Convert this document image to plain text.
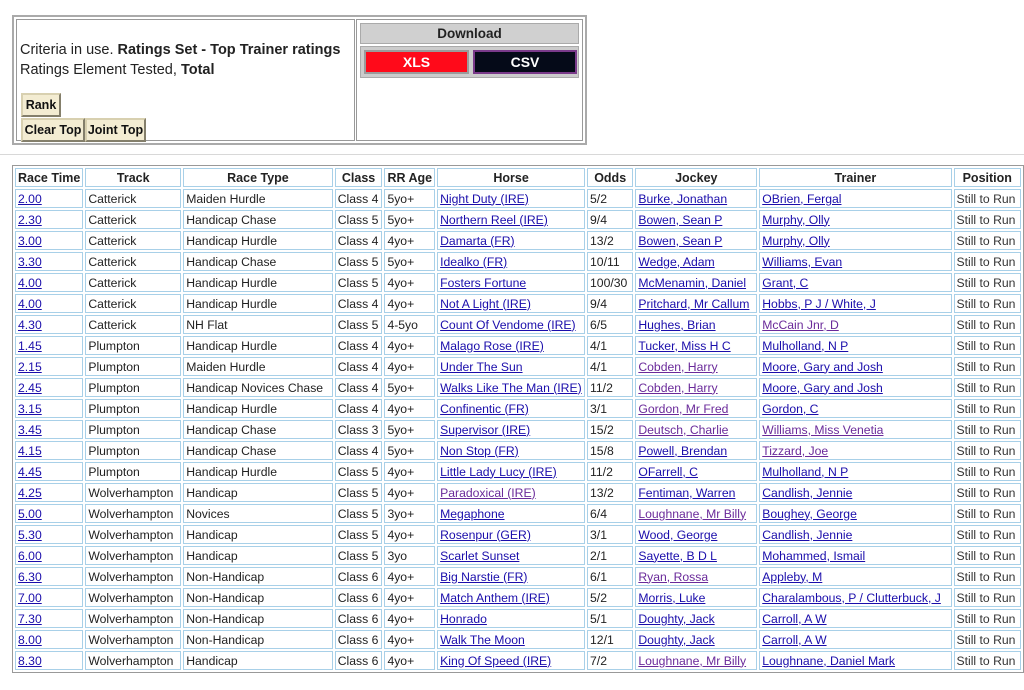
Criteria in use. Ratings Set - Top Trainer ratings
Ratings Element Tested, Total
Rank
Clear Top Joint Top
Download
XLS	CSV
Race Time	Track	Race Type	Class	RR Age	Horse	Odds	Jockey	Trainer	Position
2.00	Catterick	Maiden Hurdle	Class 4	5yo+	Night Duty (IRE)	5/2	Burke, Jonathan	OBrien, Fergal	Still to Run
2.30	Catterick	Handicap Chase	Class 5	5yo+	Northern Reel (IRE)	9/4	Bowen, Sean P	Murphy, Olly	Still to Run
3.00	Catterick	Handicap Hurdle	Class 4	4yo+	Damarta (FR)	13/2	Bowen, Sean P	Murphy, Olly	Still to Run
3.30	Catterick	Handicap Chase	Class 5	5yo+	Idealko (FR)	10/11	Wedge, Adam	Williams, Evan	Still to Run
4.00	Catterick	Handicap Hurdle	Class 5	4yo+	Fosters Fortune	100/30	McMenamin, Daniel	Grant, C	Still to Run
4.00	Catterick	Handicap Hurdle	Class 4	4yo+	Not A Light (IRE)	9/4	Pritchard, Mr Callum	Hobbs, P J / White, J	Still to Run
4.30	Catterick	NH Flat	Class 5	4-5yo	Count Of Vendome (IRE)	6/5	Hughes, Brian	McCain Jnr, D	Still to Run
1.45	Plumpton	Handicap Hurdle	Class 4	4yo+	Malago Rose (IRE)	4/1	Tucker, Miss H C	Mulholland, N P	Still to Run
2.15	Plumpton	Maiden Hurdle	Class 4	4yo+	Under The Sun	4/1	Cobden, Harry	Moore, Gary and Josh	Still to Run
2.45	Plumpton	Handicap Novices Chase	Class 4	5yo+	Walks Like The Man (IRE)	11/2	Cobden, Harry	Moore, Gary and Josh	Still to Run
3.15	Plumpton	Handicap Hurdle	Class 4	4yo+	Confinentic (FR)	3/1	Gordon, Mr Fred	Gordon, C	Still to Run
3.45	Plumpton	Handicap Chase	Class 3	5yo+	Supervisor (IRE)	15/2	Deutsch, Charlie	Williams, Miss Venetia	Still to Run
4.15	Plumpton	Handicap Chase	Class 4	5yo+	Non Stop (FR)	15/8	Powell, Brendan	Tizzard, Joe	Still to Run
4.45	Plumpton	Handicap Hurdle	Class 5	4yo+	Little Lady Lucy (IRE)	11/2	OFarrell, C	Mulholland, N P	Still to Run
4.25	Wolverhampton	Handicap	Class 5	4yo+	Paradoxical (IRE)	13/2	Fentiman, Warren	Candlish, Jennie	Still to Run
5.00	Wolverhampton	Novices	Class 5	3yo+	Megaphone	6/4	Loughnane, Mr Billy	Boughey, George	Still to Run
5.30	Wolverhampton	Handicap	Class 5	4yo+	Rosenpur (GER)	3/1	Wood, George	Candlish, Jennie	Still to Run
6.00	Wolverhampton	Handicap	Class 5	3yo	Scarlet Sunset	2/1	Sayette, B D L	Mohammed, Ismail	Still to Run
6.30	Wolverhampton	Non-Handicap	Class 6	4yo+	Big Narstie (FR)	6/1	Ryan, Rossa	Appleby, M	Still to Run
7.00	Wolverhampton	Non-Handicap	Class 6	4yo+	Match Anthem (IRE)	5/2	Morris, Luke	Charalambous, P / Clutterbuck, J	Still to Run
7.30	Wolverhampton	Non-Handicap	Class 6	4yo+	Honrado	5/1	Doughty, Jack	Carroll, A W	Still to Run
8.00	Wolverhampton	Non-Handicap	Class 6	4yo+	Walk The Moon	12/1	Doughty, Jack	Carroll, A W	Still to Run
8.30	Wolverhampton	Handicap	Class 6	4yo+	King Of Speed (IRE)	7/2	Loughnane, Mr Billy	Loughnane, Daniel Mark	Still to Run
